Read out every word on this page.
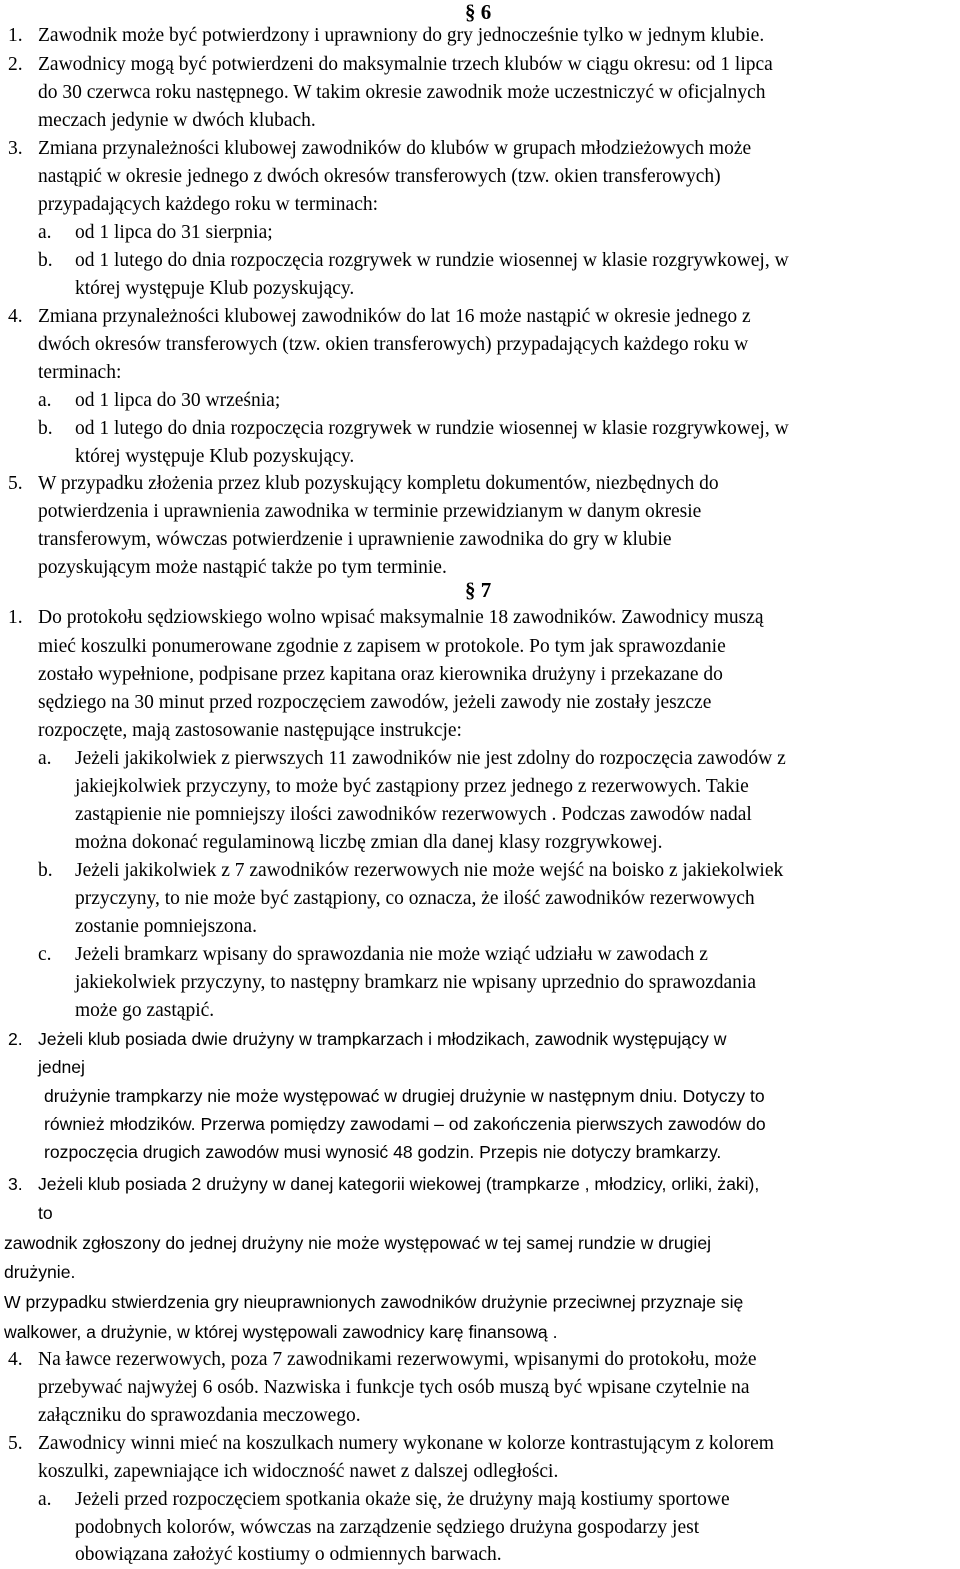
§ 6
1. Zawodnik może być potwierdzony i uprawniony do gry jednocześnie tylko w jednym klubie.
2. Zawodnicy mogą być potwierdzeni do maksymalnie trzech klubów w ciągu okresu: od 1 lipca
do 30 czerwca roku następnego. W takim okresie zawodnik może uczestniczyć w oficjalnych
meczach jedynie w dwóch klubach.
3. Zmiana przynależności klubowej zawodników do klubów w grupach młodzieżowych może
nastąpić w okresie jednego z dwóch okresów transferowych (tzw. okien transferowych)
przypadających każdego roku w terminach:
a. od 1 lipca do 31 sierpnia;
b. od 1 lutego do dnia rozpoczęcia rozgrywek w rundzie wiosennej w klasie rozgrywkowej, w
której występuje Klub pozyskujący.
4. Zmiana przynależności klubowej zawodników do lat 16 może nastąpić w okresie jednego z
dwóch okresów transferowych (tzw. okien transferowych) przypadających każdego roku w
terminach:
a. od 1 lipca do 30 września;
b. od 1 lutego do dnia rozpoczęcia rozgrywek w rundzie wiosennej w klasie rozgrywkowej, w
której występuje Klub pozyskujący.
5. W przypadku złożenia przez klub pozyskujący kompletu dokumentów, niezbędnych do
potwierdzenia i uprawnienia zawodnika w terminie przewidzianym w danym okresie
transferowym, wówczas potwierdzenie i uprawnienie zawodnika do gry w klubie
pozyskującym może nastąpić także po tym terminie.
§ 7
1. Do protokołu sędziowskiego wolno wpisać maksymalnie 18 zawodników. Zawodnicy muszą
mieć koszulki ponumerowane zgodnie z zapisem w protokole. Po tym jak sprawozdanie
zostało wypełnione, podpisane przez kapitana oraz kierownika drużyny i przekazane do
sędziego na 30 minut przed rozpoczęciem zawodów, jeżeli zawody nie zostały jeszcze
rozpoczęte, mają zastosowanie następujące instrukcje:
a. Jeżeli jakikolwiek z pierwszych 11 zawodników nie jest zdolny do rozpoczęcia zawodów z
jakiejkolwiek przyczyny, to może być zastąpiony przez jednego z rezerwowych. Takie
zastąpienie nie pomniejszy ilości zawodników rezerwowych . Podczas zawodów nadal
można dokonać regulaminową liczbę zmian dla danej klasy rozgrywkowej.
b. Jeżeli jakikolwiek z 7 zawodników rezerwowych nie może wejść na boisko z jakiekolwiek
przyczyny, to nie może być zastąpiony, co oznacza, że ilość zawodników rezerwowych
zostanie pomniejszona.
c. Jeżeli bramkarz wpisany do sprawozdania nie może wziąć udziału w zawodach z
jakiekolwiek przyczyny, to następny bramkarz nie wpisany uprzednio do sprawozdania
może go zastąpić.
2. Jeżeli klub posiada dwie drużyny w trampkarzach i młodzikach, zawodnik występujący w
jednej
drużynie trampkarzy nie może występować w drugiej drużynie w następnym dniu. Dotyczy to
również młodzików. Przerwa pomiędzy zawodami – od zakończenia pierwszych zawodów do
rozpoczęcia drugich zawodów musi wynosić 48 godzin. Przepis nie dotyczy bramkarzy.
3. Jeżeli klub posiada 2 drużyny w danej kategorii wiekowej (trampkarze , młodzicy, orliki, żaki),
to
zawodnik zgłoszony do jednej drużyny nie może występować w tej samej rundzie w drugiej
drużynie.
W przypadku stwierdzenia gry nieuprawnionych zawodników drużynie przeciwnej przyznaje się
walkower, a drużynie, w której występowali zawodnicy karę finansową .
4. Na ławce rezerwowych, poza 7 zawodnikami rezerwowymi, wpisanymi do protokołu, może
przebywać najwyżej 6 osób. Nazwiska i funkcje tych osób muszą być wpisane czytelnie na
załączniku do sprawozdania meczowego.
5. Zawodnicy winni mieć na koszulkach numery wykonane w kolorze kontrastującym z kolorem
koszulki, zapewniające ich widoczność nawet z dalszej odległości.
a. Jeżeli przed rozpoczęciem spotkania okaże się, że drużyny mają kostiumy sportowe
podobnych kolorów, wówczas na zarządzenie sędziego drużyna gospodarzy jest
obowiązana założyć kostiumy o odmiennych barwach.
